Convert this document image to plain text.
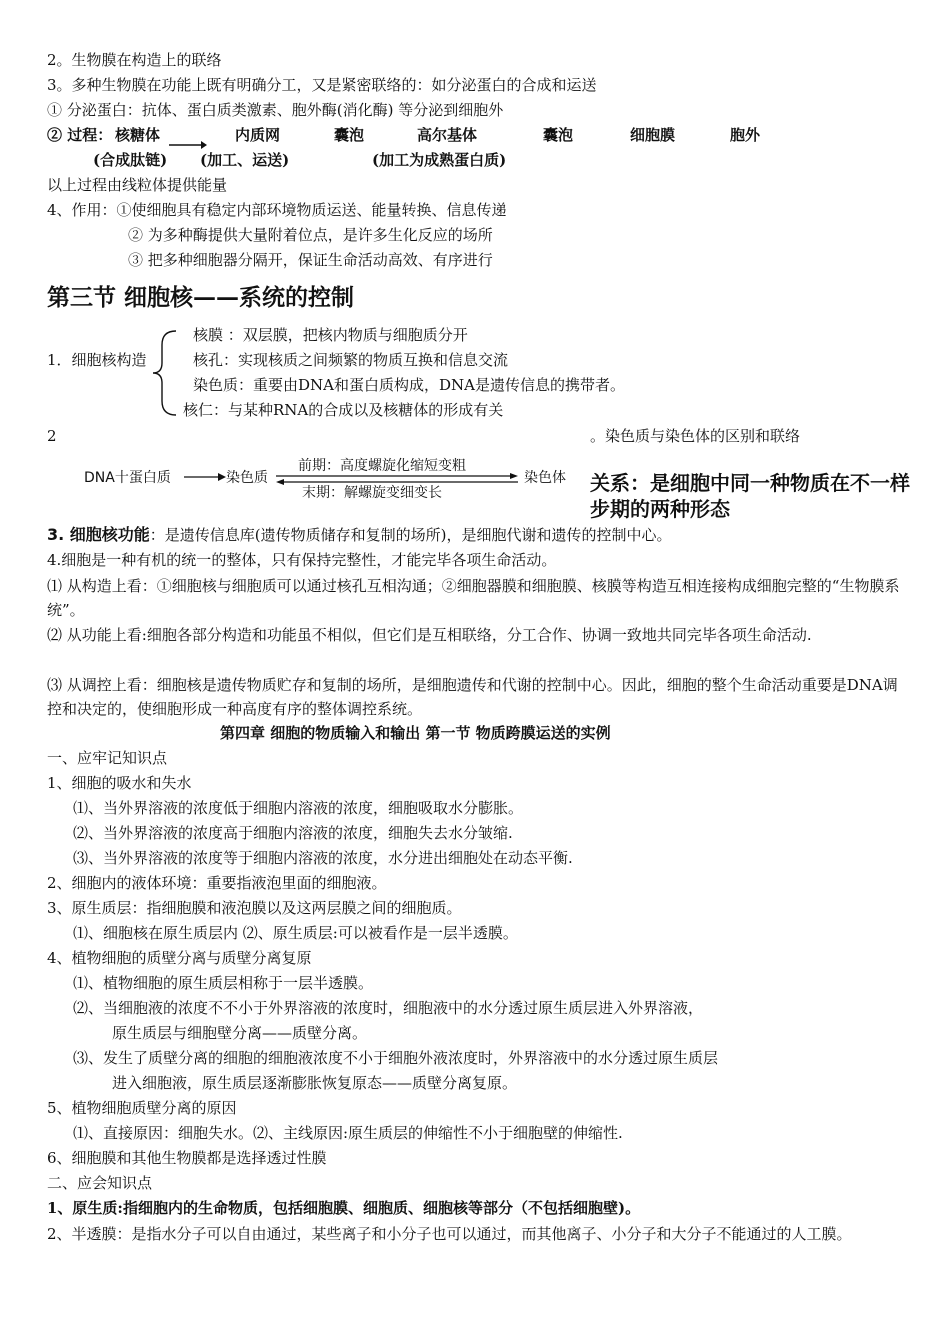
2。生物膜在构造上的联络
3。多种生物膜在功能上既有明确分工，又是紧密联络的：如分泌蛋白的合成和运送
① 分泌蛋白：抗体、蛋白质类激素、胞外酶(消化酶) 等分泌到细胞外
② 过程： 核糖体	内质网	囊泡	高尔基体	囊泡	细胞膜	胞外
(合成肽链) (加工、运送)	(加工为成熟蛋白质)
以上过程由线粒体提供能量
4、作用：①使细胞具有稳定内部环境物质运送、能量转换、信息传递
② 为多种酶提供大量附着位点，是许多生化反应的场所
③ 把多种细胞器分隔开，保证生命活动高效、有序进行
第三节 细胞核——系统的控制
1．细胞核构造
核膜 ：双层膜，把核内物质与细胞质分开
核孔：实现核质之间频繁的物质互换和信息交流
染色质：重要由DNA和蛋白质构成，DNA是遗传信息的携带者。
核仁：与某种RNA的合成以及核糖体的形成有关
2	。染色质与染色体的区别和联络
DNA十蛋白质	染色质
前期：高度螺旋化缩短变粗
末期：解螺旋变细变长
染色体 关系：是细胞中同一种物质在不一样步期的两种形态
3. 细胞核功能：是遗传信息库(遗传物质储存和复制的场所)，是细胞代谢和遗传的控制中心。
4.细胞是一种有机的统一的整体，只有保持完整性，才能完毕各项生命活动。
⑴ 从构造上看：①细胞核与细胞质可以通过核孔互相沟通；②细胞器膜和细胞膜、核膜等构造互相连接构成细胞完整的“生物膜系统”。
⑵ 从功能上看:细胞各部分构造和功能虽不相似，但它们是互相联络，分工合作、协调一致地共同完毕各项生命活动.
⑶ 从调控上看：细胞核是遗传物质贮存和复制的场所，是细胞遗传和代谢的控制中心。因此，细胞的整个生命活动重要是DNA调控和决定的，使细胞形成一种高度有序的整体调控系统。
第四章 细胞的物质输入和输出 第一节 物质跨膜运送的实例
一、应牢记知识点
1、细胞的吸水和失水
⑴、当外界溶液的浓度低于细胞内溶液的浓度，细胞吸取水分膨胀。
⑵、当外界溶液的浓度高于细胞内溶液的浓度，细胞失去水分皱缩.
⑶、当外界溶液的浓度等于细胞内溶液的浓度，水分进出细胞处在动态平衡.
2、细胞内的液体环境：重要指液泡里面的细胞液。
3、原生质层：指细胞膜和液泡膜以及这两层膜之间的细胞质。
⑴、细胞核在原生质层内 ⑵、原生质层:可以被看作是一层半透膜。
4、植物细胞的质壁分离与质壁分离复原
⑴、植物细胞的原生质层相称于一层半透膜。
⑵、当细胞液的浓度不不小于外界溶液的浓度时，细胞液中的水分透过原生质层进入外界溶液，
原生质层与细胞壁分离——质壁分离。
⑶、发生了质壁分离的细胞的细胞液浓度不小于细胞外液浓度时，外界溶液中的水分透过原生质层
进入细胞液，原生质层逐渐膨胀恢复原态——质壁分离复原。
5、植物细胞质壁分离的原因
⑴、直接原因：细胞失水。⑵、主线原因:原生质层的伸缩性不小于细胞壁的伸缩性.
6、细胞膜和其他生物膜都是选择透过性膜
二、应会知识点
1、原生质:指细胞内的生命物质，包括细胞膜、细胞质、细胞核等部分（不包括细胞壁)。
2、半透膜：是指水分子可以自由通过，某些离子和小分子也可以通过，而其他离子、小分子和大分子不能通过的人工膜。
